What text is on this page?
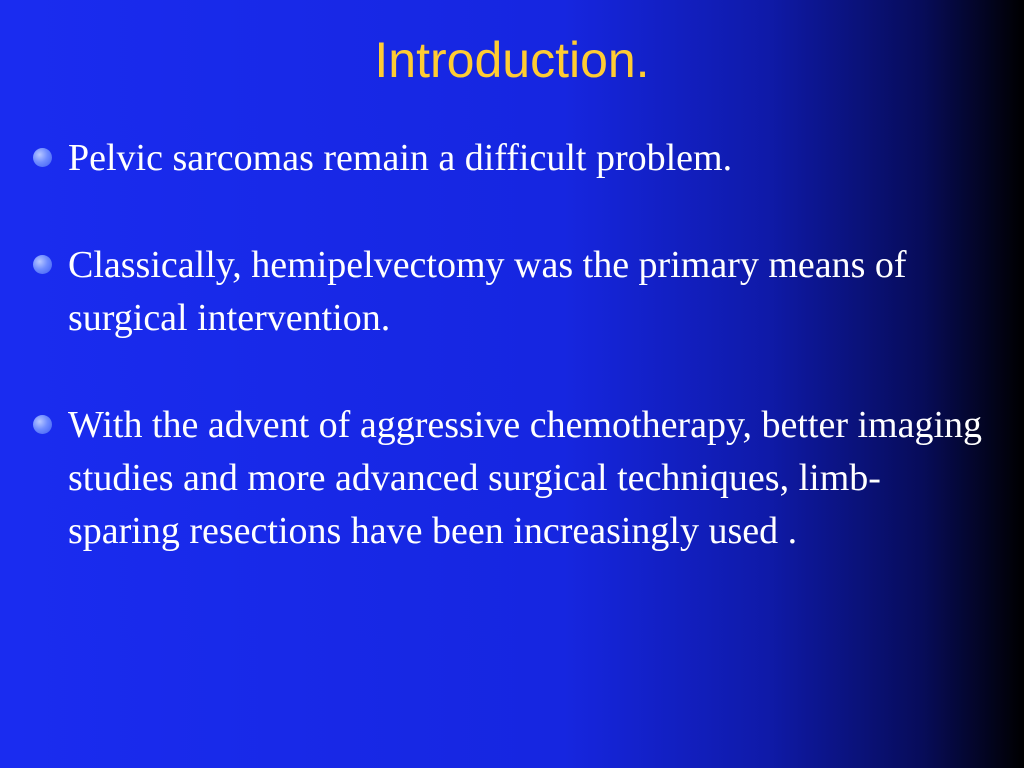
Introduction.
Pelvic sarcomas remain a difficult problem.
Classically, hemipelvectomy was the primary means of surgical intervention.
With the advent of aggressive chemotherapy, better imaging studies and more advanced surgical techniques, limb-sparing resections have been increasingly used .
